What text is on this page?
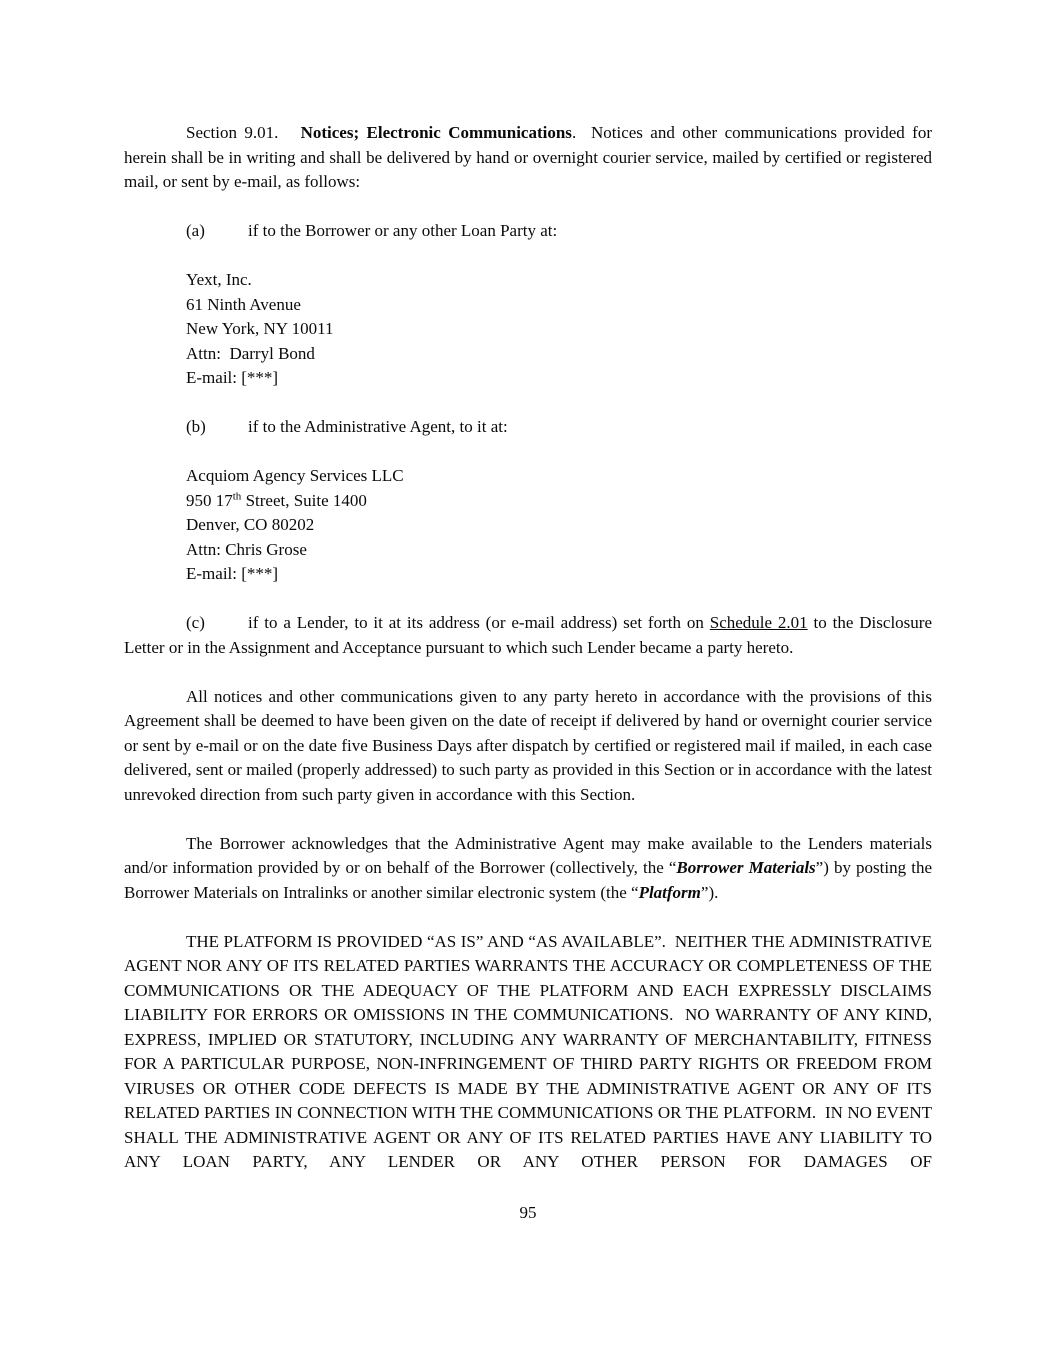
Section 9.01.   Notices; Electronic Communications.  Notices and other communications provided for herein shall be in writing and shall be delivered by hand or overnight courier service, mailed by certified or registered mail, or sent by e-mail, as follows:

(a)	if to the Borrower or any other Loan Party at:

Yext, Inc.
61 Ninth Avenue
New York, NY 10011
Attn:  Darryl Bond
E-mail: [***]

(b) if to the Administrative Agent, to it at:

Acquiom Agency Services LLC
950 17th Street, Suite 1400
Denver, CO 80202
Attn: Chris Grose
E-mail: [***]

(c)	if to a Lender, to it at its address (or e-mail address) set forth on Schedule 2.01 to the Disclosure Letter or in the Assignment and Acceptance pursuant to which such Lender became a party hereto.

All notices and other communications given to any party hereto in accordance with the provisions of this Agreement shall be deemed to have been given on the date of receipt if delivered by hand or overnight courier service or sent by e-mail or on the date five Business Days after dispatch by certified or registered mail if mailed, in each case delivered, sent or mailed (properly addressed) to such party as provided in this Section or in accordance with the latest unrevoked direction from such party given in accordance with this Section.

The Borrower acknowledges that the Administrative Agent may make available to the Lenders materials and/or information provided by or on behalf of the Borrower (collectively, the “Borrower Materials”) by posting the Borrower Materials on Intralinks or another similar electronic system (the “Platform”).

THE PLATFORM IS PROVIDED “AS IS” AND “AS AVAILABLE”.  NEITHER THE ADMINISTRATIVE AGENT NOR ANY OF ITS RELATED PARTIES WARRANTS THE ACCURACY OR COMPLETENESS OF THE COMMUNICATIONS OR THE ADEQUACY OF THE PLATFORM AND EACH EXPRESSLY DISCLAIMS LIABILITY FOR ERRORS OR OMISSIONS IN THE COMMUNICATIONS.  NO WARRANTY OF ANY KIND, EXPRESS, IMPLIED OR STATUTORY, INCLUDING ANY WARRANTY OF MERCHANTABILITY, FITNESS FOR A PARTICULAR PURPOSE, NON-INFRINGEMENT OF THIRD PARTY RIGHTS OR FREEDOM FROM VIRUSES OR OTHER CODE DEFECTS IS MADE BY THE ADMINISTRATIVE AGENT OR ANY OF ITS RELATED PARTIES IN CONNECTION WITH THE COMMUNICATIONS OR THE PLATFORM.  IN NO EVENT SHALL THE ADMINISTRATIVE AGENT OR ANY OF ITS RELATED PARTIES HAVE ANY LIABILITY TO ANY LOAN PARTY, ANY LENDER OR ANY OTHER PERSON FOR DAMAGES OF

95
